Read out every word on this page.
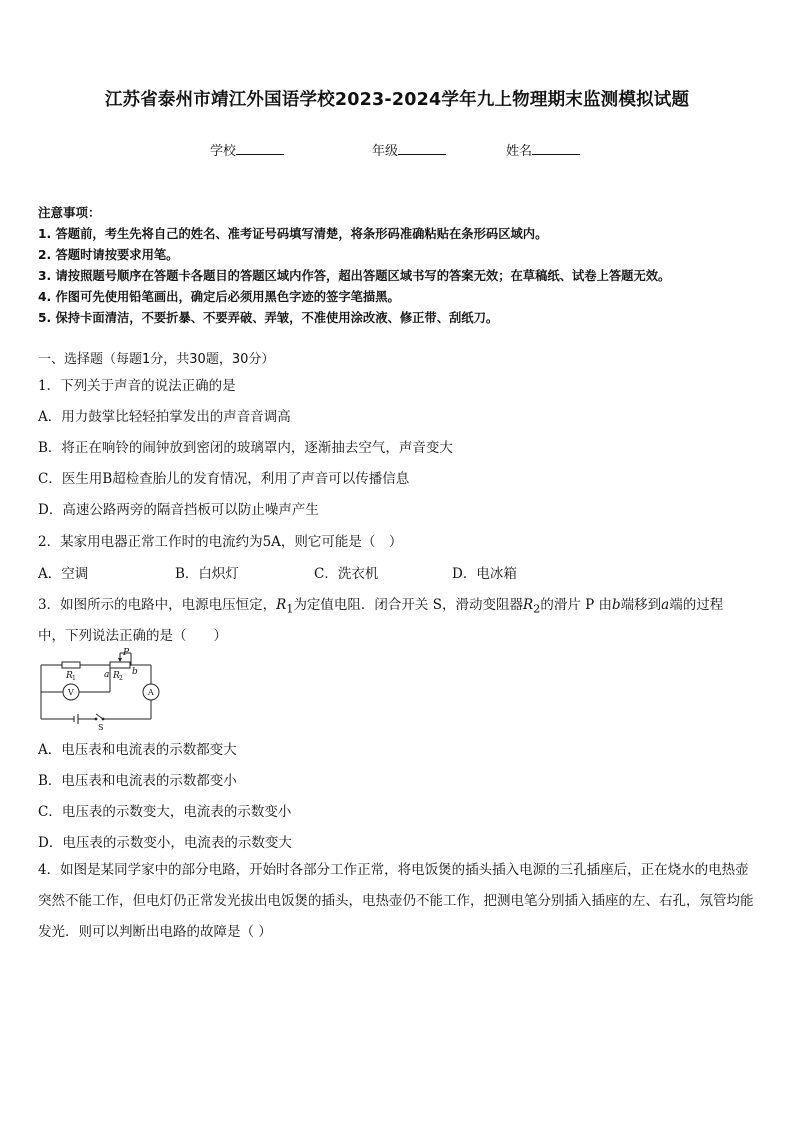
江苏省泰州市靖江外国语学校2023-2024学年九上物理期末监测模拟试题
学校	年级	姓名
注意事项：
1. 答题前，考生先将自己的姓名、准考证号码填写清楚，将条形码准确粘贴在条形码区域内。
2. 答题时请按要求用笔。
3. 请按照题号顺序在答题卡各题目的答题区域内作答，超出答题区域书写的答案无效；在草稿纸、试卷上答题无效。
4. 作图可先使用铅笔画出，确定后必须用黑色字迹的签字笔描黑。
5. 保持卡面清洁，不要折暴、不要弄破、弄皱，不准使用涂改液、修正带、刮纸刀。
一、选择题（每题1分，共30题，30分）
1．下列关于声音的说法正确的是
A．用力鼓掌比轻轻拍掌发出的声音音调高
B．将正在响铃的闹钟放到密闭的玻璃罩内，逐渐抽去空气，声音变大
C．医生用B超检查胎儿的发育情况，利用了声音可以传播信息
D．高速公路两旁的隔音挡板可以防止噪声产生
2．某家用电器正常工作时的电流约为5A，则它可能是（　）
A．空调	B．白炽灯	C．洗衣机	D．电冰箱
3．如图所示的电路中，电源电压恒定，$R_1$为定值电阻．闭合开关 S，滑动变阻器$R_2$的滑片 P 由b端移到a端的过程
中，下列说法正确的是（　　）
P
R 1	a R 2
b
V	A
S
A．电压表和电流表的示数都变大
B．电压表和电流表的示数都变小
C．电压表的示数变大，电流表的示数变小
D．电压表的示数变小，电流表的示数变大
4．如图是某同学家中的部分电路，开始时各部分工作正常，将电饭煲的插头插入电源的三孔插座后，正在烧水的电热壶突然不能工作，但电灯仍正常发光拔出电饭煲的插头，电热壶仍不能工作，把测电笔分别插入插座的左、右孔，氖管均能发光．则可以判断出电路的故障是（ ）
